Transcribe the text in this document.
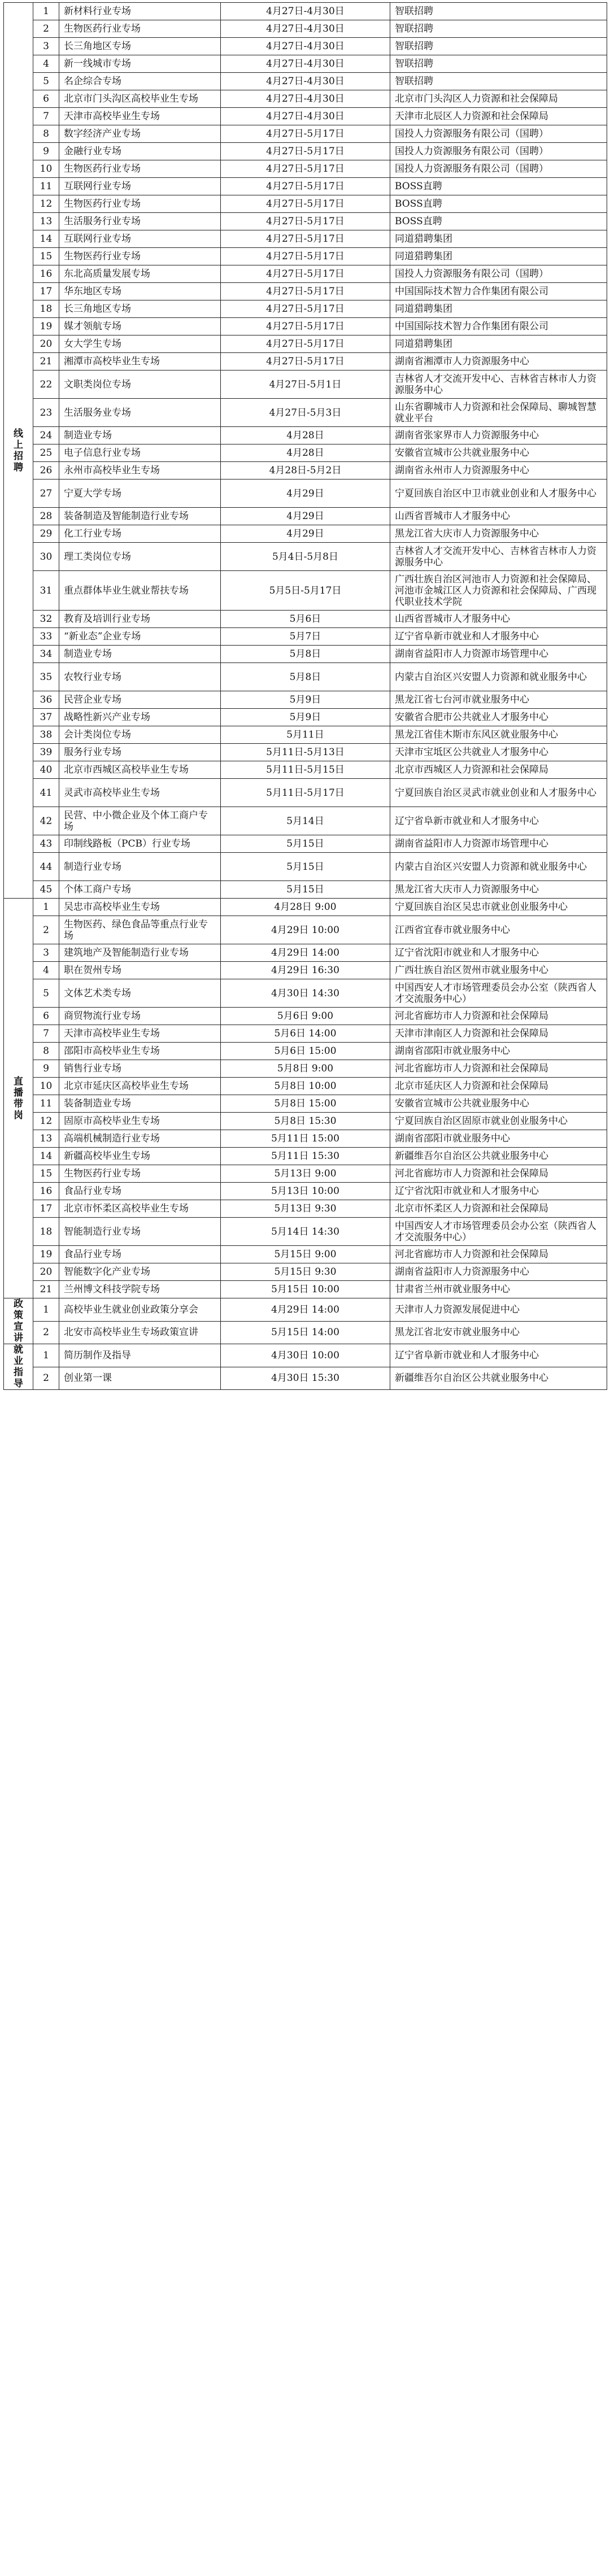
线
上
招
聘	1	新材料行业专场	4月27日-4月30日	智联招聘
	2	生物医药行业专场	4月27日-4月30日	智联招聘
	3	长三角地区专场	4月27日-4月30日	智联招聘
	4	新一线城市专场	4月27日-4月30日	智联招聘
	5	名企综合专场	4月27日-4月30日	智联招聘
	6	北京市门头沟区高校毕业生专场	4月27日-4月30日	北京市门头沟区人力资源和社会保障局
	7	天津市高校毕业生专场	4月27日-4月30日	天津市北辰区人力资源和社会保障局
	8	数字经济产业专场	4月27日-5月17日	国投人力资源服务有限公司（国聘）
	9	金融行业专场	4月27日-5月17日	国投人力资源服务有限公司（国聘）
	10	生物医药行业专场	4月27日-5月17日	国投人力资源服务有限公司（国聘）
	11	互联网行业专场	4月27日-5月17日	BOSS直聘
	12	生物医药行业专场	4月27日-5月17日	BOSS直聘
	13	生活服务行业专场	4月27日-5月17日	BOSS直聘
	14	互联网行业专场	4月27日-5月17日	同道猎聘集团
	15	生物医药行业专场	4月27日-5月17日	同道猎聘集团
	16	东北高质量发展专场	4月27日-5月17日	国投人力资源服务有限公司（国聘）
	17	华东地区专场	4月27日-5月17日	中国国际技术智力合作集团有限公司
	18	长三角地区专场	4月27日-5月17日	同道猎聘集团
	19	媒才领航专场	4月27日-5月17日	中国国际技术智力合作集团有限公司
	20	女大学生专场	4月27日-5月17日	同道猎聘集团
	21	湘潭市高校毕业生专场	4月27日-5月17日	湖南省湘潭市人力资源服务中心
	22	文职类岗位专场	4月27日-5月1日	吉林省人才交流开发中心、吉林省吉林市人力资源服务中心
	23	生活服务业专场	4月27日-5月3日	山东省聊城市人力资源和社会保障局、聊城智慧就业平台
	24	制造业专场	4月28日	湖南省张家界市人力资源服务中心
	25	电子信息行业专场	4月28日	安徽省宣城市公共就业服务中心
	26	永州市高校毕业生专场	4月28日-5月2日	湖南省永州市人力资源服务中心
	27	宁夏大学专场	4月29日	宁夏回族自治区中卫市就业创业和人才服务中心
	28	装备制造及智能制造行业专场	4月29日	山西省晋城市人才服务中心
	29	化工行业专场	4月29日	黑龙江省大庆市人力资源服务中心
	30	理工类岗位专场	5月4日-5月8日	吉林省人才交流开发中心、吉林省吉林市人力资源服务中心
	31	重点群体毕业生就业帮扶专场	5月5日-5月17日	广西壮族自治区河池市人力资源和社会保障局、河池市金城江区人力资源和社会保障局、广西现代职业技术学院
	32	教育及培训行业专场	5月6日	山西省晋城市人才服务中心
	33	“新业态”企业专场	5月7日	辽宁省阜新市就业和人才服务中心
	34	制造业专场	5月8日	湖南省益阳市人力资源市场管理中心
	35	农牧行业专场	5月8日	内蒙古自治区兴安盟人力资源和就业服务中心
	36	民营企业专场	5月9日	黑龙江省七台河市就业服务中心
	37	战略性新兴产业专场	5月9日	安徽省合肥市公共就业人才服务中心
	38	会计类岗位专场	5月11日	黑龙江省佳木斯市东风区就业服务中心
	39	服务行业专场	5月11日-5月13日	天津市宝坻区公共就业人才服务中心
	40	北京市西城区高校毕业生专场	5月11日-5月15日	北京市西城区人力资源和社会保障局
	41	灵武市高校毕业生专场	5月11日-5月17日	宁夏回族自治区灵武市就业创业和人才服务中心
	42	民营、中小微企业及个体工商户专场	5月14日	辽宁省阜新市就业和人才服务中心
	43	印制线路板（PCB）行业专场	5月15日	湖南省益阳市人力资源市场管理中心
	44	制造行业专场	5月15日	内蒙古自治区兴安盟人力资源和就业服务中心
	45	个体工商户专场	5月15日	黑龙江省大庆市人力资源服务中心

直
播
带
岗	1	吴忠市高校毕业生专场	4月28日 9:00	宁夏回族自治区吴忠市就业创业服务中心
	2	生物医药、绿色食品等重点行业专场	4月29日 10:00	江西省宜春市就业服务中心
	3	建筑地产及智能制造行业专场	4月29日 14:00	辽宁省沈阳市就业和人才服务中心
	4	职在贺州专场	4月29日 16:30	广西壮族自治区贺州市就业服务中心
	5	文体艺术类专场	4月30日 14:30	中国西安人才市场管理委员会办公室（陕西省人才交流服务中心）
	6	商贸物流行业专场	5月6日 9:00	河北省廊坊市人力资源和社会保障局
	7	天津市高校毕业生专场	5月6日 14:00	天津市津南区人力资源和社会保障局
	8	邵阳市高校毕业生专场	5月6日 15:00	湖南省邵阳市就业服务中心
	9	销售行业专场	5月8日 9:00	河北省廊坊市人力资源和社会保障局
	10	北京市延庆区高校毕业生专场	5月8日 10:00	北京市延庆区人力资源和社会保障局
	11	装备制造业专场	5月8日 15:00	安徽省宣城市公共就业服务中心
	12	固原市高校毕业生专场	5月8日 15:30	宁夏回族自治区固原市就业创业服务中心
	13	高端机械制造行业专场	5月11日 15:00	湖南省邵阳市就业服务中心
	14	新疆高校毕业生专场	5月11日 15:30	新疆维吾尔自治区公共就业服务中心
	15	生物医药行业专场	5月13日 9:00	河北省廊坊市人力资源和社会保障局
	16	食品行业专场	5月13日 10:00	辽宁省沈阳市就业和人才服务中心
	17	北京市怀柔区高校毕业生专场	5月13日 9:30	北京市怀柔区人力资源和社会保障局
	18	智能制造行业专场	5月14日 14:30	中国西安人才市场管理委员会办公室（陕西省人才交流服务中心）
	19	食品行业专场	5月15日 9:00	河北省廊坊市人力资源和社会保障局
	20	智能数字化产业专场	5月15日 9:30	湖南省益阳市人力资源服务中心
	21	兰州博文科技学院专场	5月15日 10:00	甘肃省兰州市就业服务中心

政
策
宣
讲	1	高校毕业生就业创业政策分享会	4月29日 14:00	天津市人力资源发展促进中心
	2	北安市高校毕业生专场政策宣讲	5月15日 14:00	黑龙江省北安市就业服务中心

就
业
指
导	1	简历制作及指导	4月30日 10:00	辽宁省阜新市就业和人才服务中心
	2	创业第一课	4月30日 15:30	新疆维吾尔自治区公共就业服务中心
